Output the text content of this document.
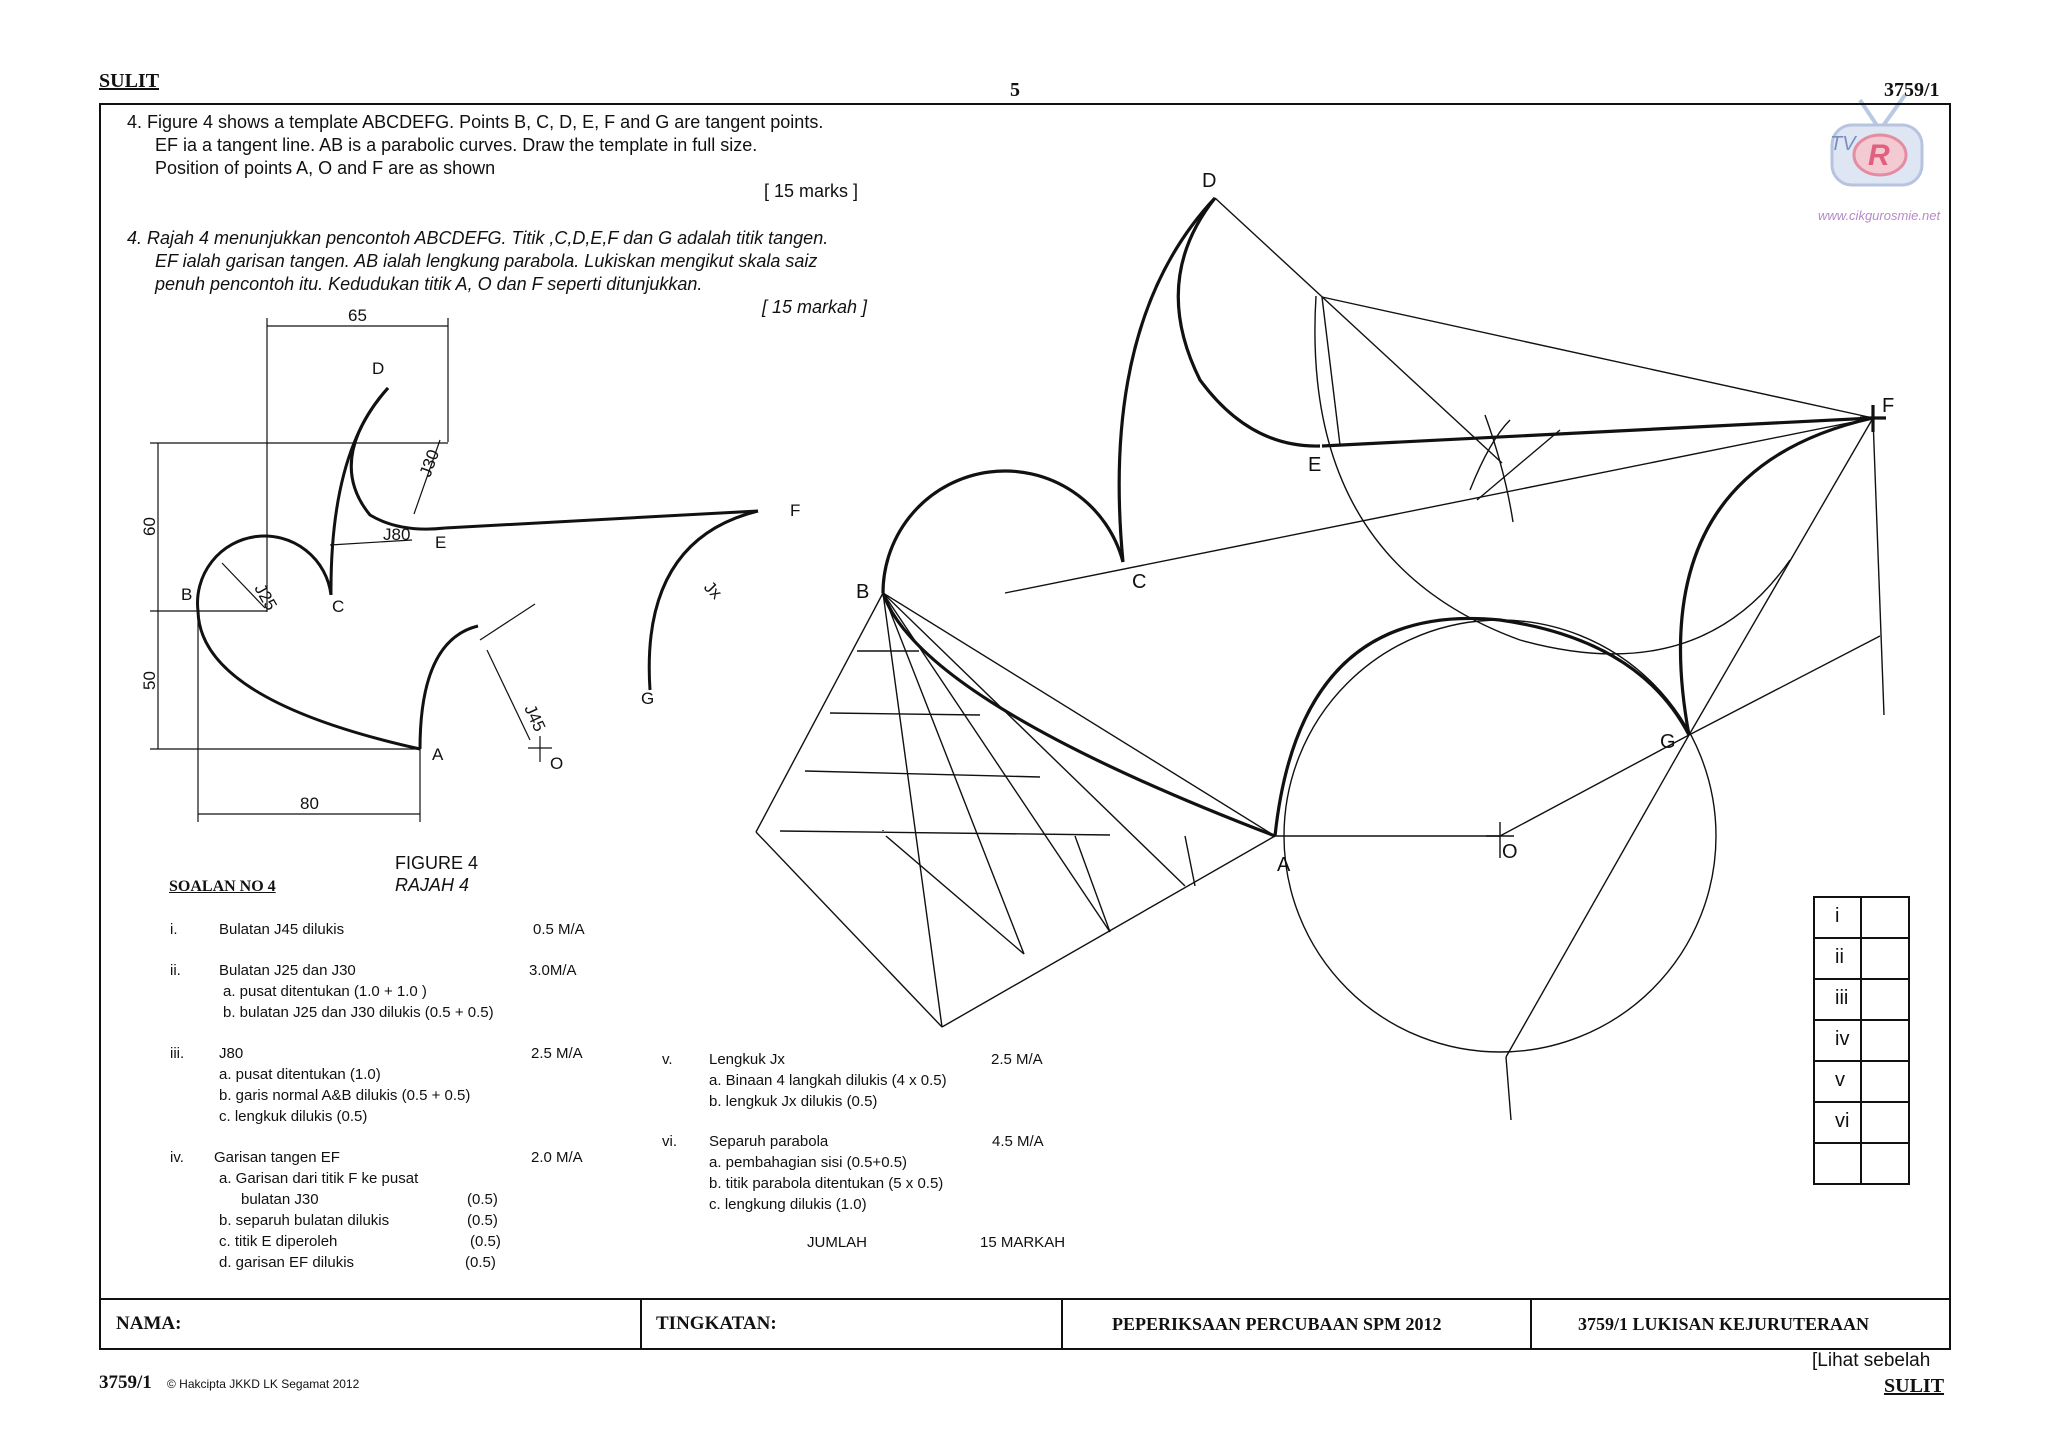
SULIT	5	3759/1
TV R
www.cikgurosmie.net
4. Figure 4 shows a template ABCDEFG. Points B, C, D, E, F and G are tangent points.
EF ia a tangent line. AB is a parabolic curves. Draw the template in full size.
Position of points A, O and F are as shown
[ 15 marks ]
4. Rajah 4 menunjukkan pencontoh ABCDEFG. Titik ,C,D,E,F dan G adalah titik tangen.
EF ialah garisan tangen. AB ialah lengkung parabola. Lukiskan mengikut skala saiz
penuh pencontoh itu. Kedudukan titik A, O dan F seperti ditunjukkan.
[ 15 markah ]
65
60
50
80
J30
J80
J25	Jx
J45
D
E
F
B
C
G
A	O
FIGURE 4
RAJAH 4
SOALAN NO 4
i.	Bulatan J45 dilukis	0.5 M/A
ii.	Bulatan J25 dan J30	3.0M/A
a. pusat ditentukan (1.0 + 1.0 )
b. bulatan J25 dan J30 dilukis (0.5 + 0.5)
iii. J80	2.5 M/A
a. pusat ditentukan (1.0)
b. garis normal A&B dilukis (0.5 + 0.5)
c. lengkuk dilukis (0.5)
iv. Garisan tangen EF	2.0 M/A
a. Garisan dari titik F ke pusat
bulatan J30	(0.5)
b. separuh bulatan dilukis	(0.5)
c. titik E diperoleh	(0.5)
d. garisan EF dilukis	(0.5)
v. Lengkuk Jx	2.5 M/A
a. Binaan 4 langkah dilukis (4 x 0.5)
b. lengkuk Jx dilukis (0.5)
vi. Separuh parabola	4.5 M/A
a. pembahagian sisi (0.5+0.5)
b. titik parabola ditentukan (5 x 0.5)
c. lengkung dilukis (1.0)
JUMLAH	15 MARKAH
D
E
F
B	C
G
A
O
i
ii
iii
iv
v
vi
NAMA:	TINGKATAN:	PEPERIKSAAN PERCUBAAN SPM 2012	3759/1 LUKISAN KEJURUTERAAN
3759/1 © Hakcipta JKKD LK Segamat 2012
[Lihat sebelah
SULIT
